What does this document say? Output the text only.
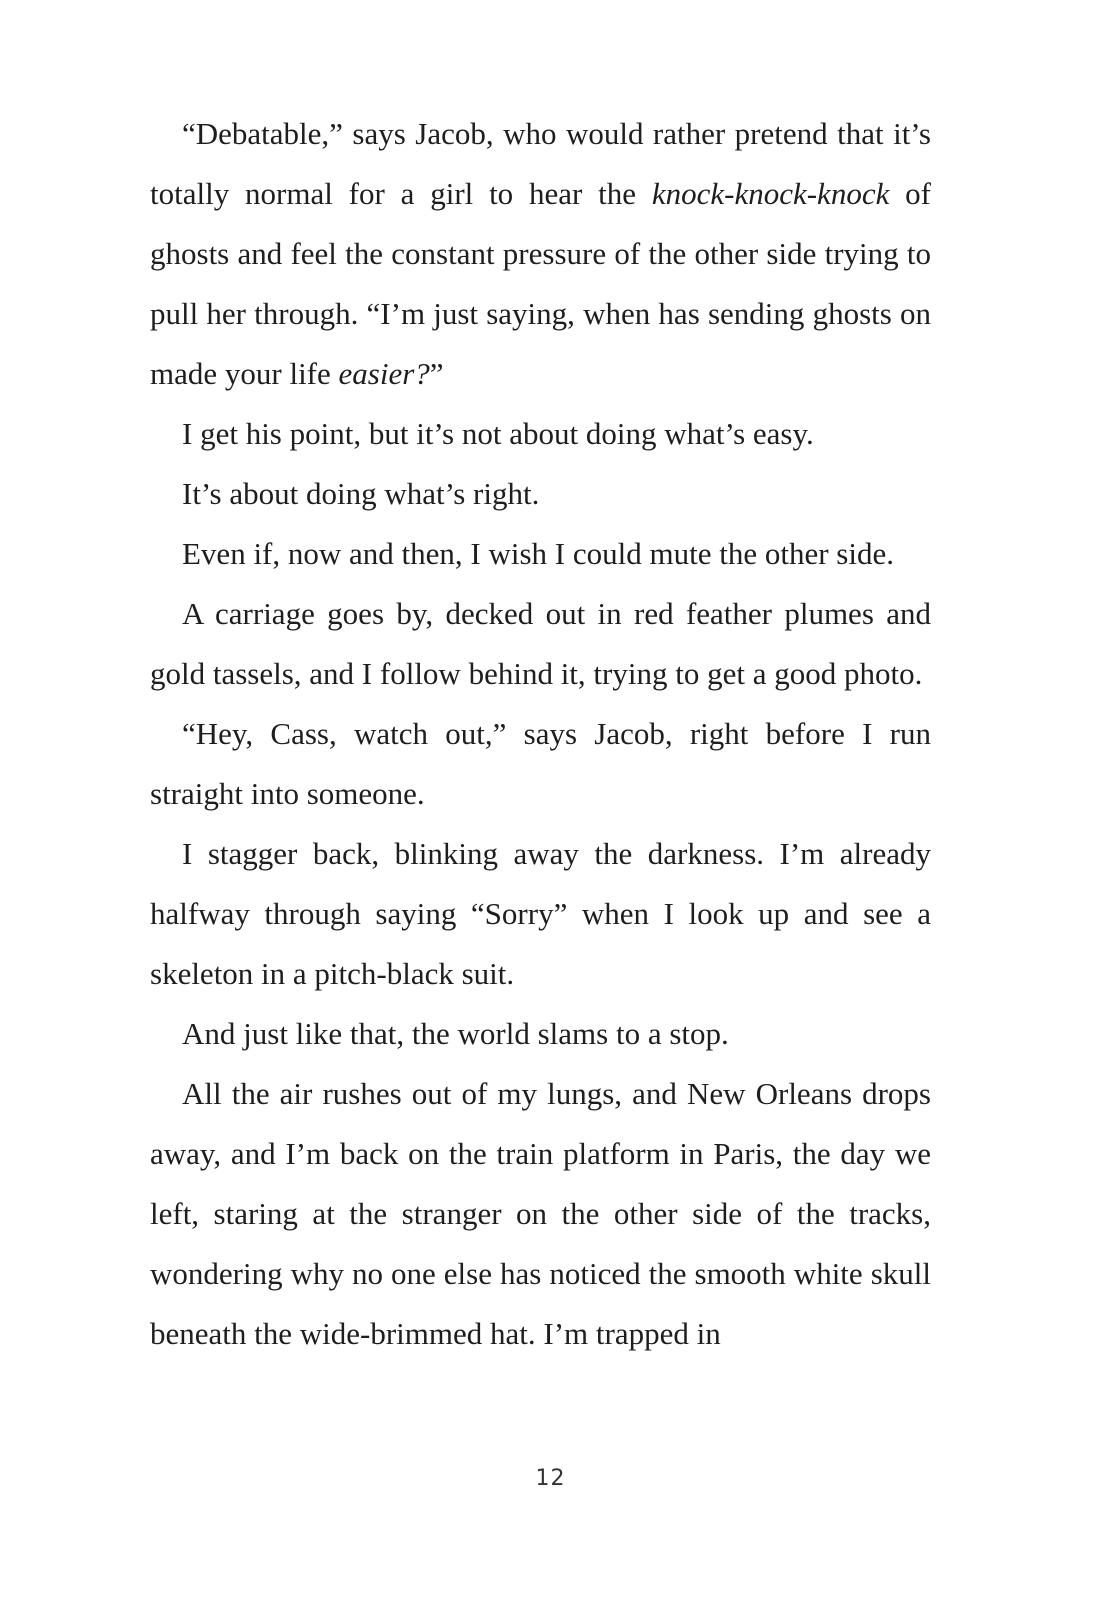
“Debatable,” says Jacob, who would rather pretend that it’s totally normal for a girl to hear the knock-knock-knock of ghosts and feel the constant pressure of the other side trying to pull her through. “I’m just saying, when has sending ghosts on made your life easier?”

I get his point, but it’s not about doing what’s easy.

It’s about doing what’s right.

Even if, now and then, I wish I could mute the other side.

A carriage goes by, decked out in red feather plumes and gold tassels, and I follow behind it, trying to get a good photo.

“Hey, Cass, watch out,” says Jacob, right before I run straight into someone.

I stagger back, blinking away the darkness. I’m already halfway through saying “Sorry” when I look up and see a skeleton in a pitch-black suit.

And just like that, the world slams to a stop.

All the air rushes out of my lungs, and New Orleans drops away, and I’m back on the train platform in Paris, the day we left, staring at the stranger on the other side of the tracks, wondering why no one else has noticed the smooth white skull beneath the wide-brimmed hat. I’m trapped in

12
